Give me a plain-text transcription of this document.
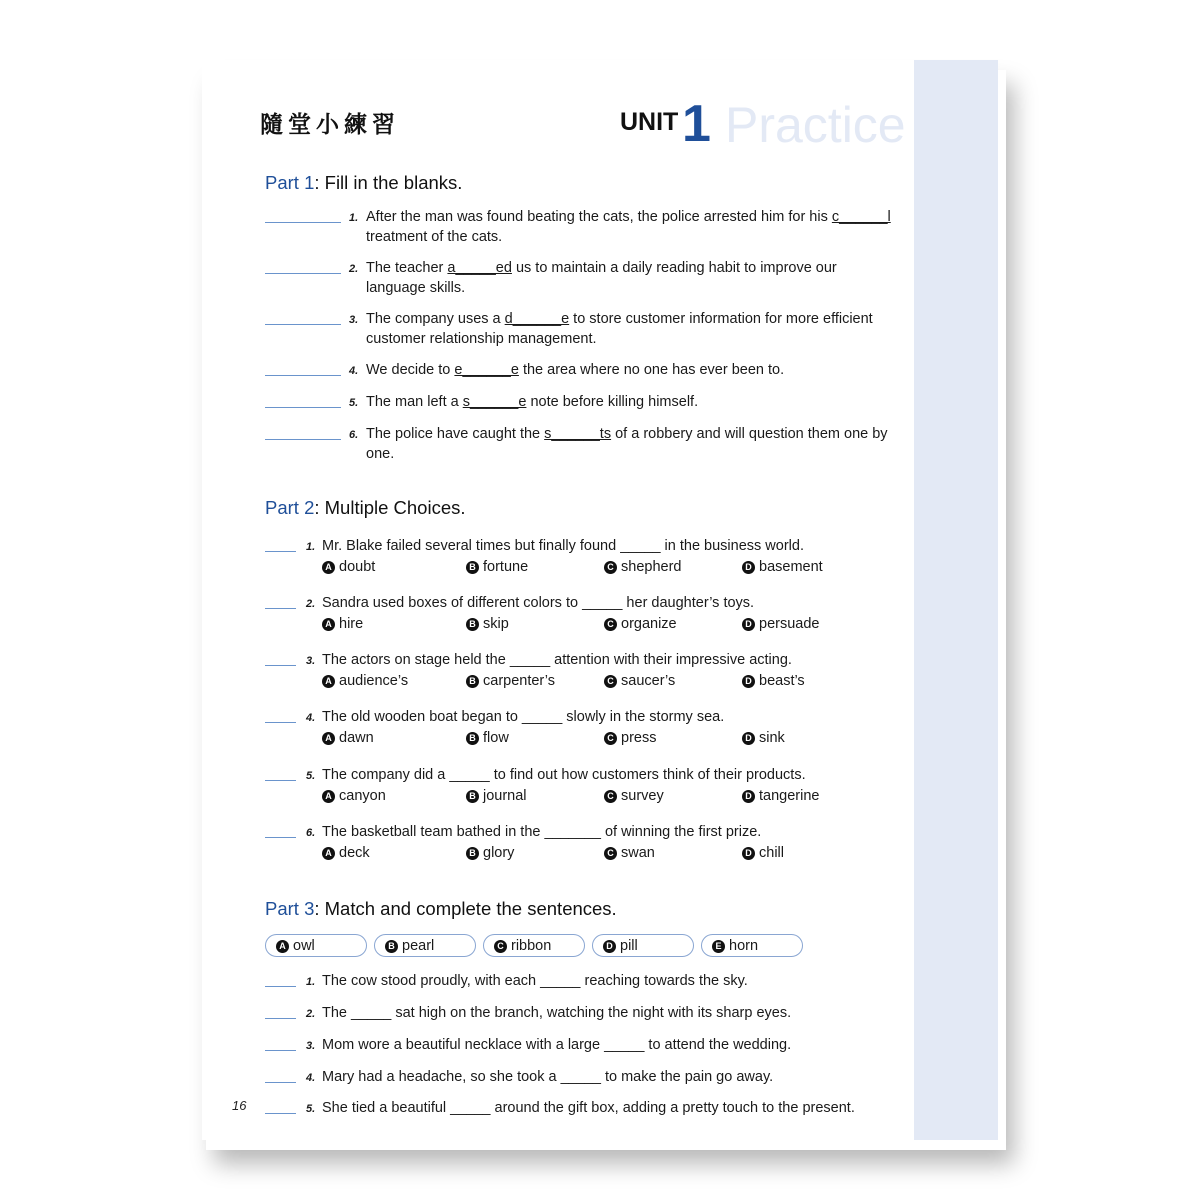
隨堂小練習	UNIT 1 Practice
Part 1: Fill in the blanks.
1. After the man was found beating the cats, the police arrested him for his c______l
treatment of the cats.
2. The teacher a_____ed us to maintain a daily reading habit to improve our
language skills.
3. The company uses a d______e to store customer information for more efficient
customer relationship management.
4. We decide to e______e the area where no one has ever been to.
5. The man left a s______e note before killing himself.
6. The police have caught the s______ts of a robbery and will question them one by
one.
Part 2: Multiple Choices.
1. Mr. Blake failed several times but finally found _____ in the business world.
A doubt	B fortune	C shepherd	D basement
2. Sandra used boxes of different colors to _____ her daughter’s toys.
A hire	B skip	C organize	D persuade
3. The actors on stage held the _____ attention with their impressive acting.
A audience’s	B carpenter’s	C saucer’s	D beast’s
4. The old wooden boat began to _____ slowly in the stormy sea.
A dawn	B flow	C press	D sink
5. The company did a _____ to find out how customers think of their products.
A canyon	B journal	C survey	D tangerine
6. The basketball team bathed in the _______ of winning the first prize.
A deck	B glory	C swan	D chill
Part 3: Match and complete the sentences.
A owl	B pearl	C ribbon	D pill	E horn
1. The cow stood proudly, with each _____ reaching towards the sky.
2. The _____ sat high on the branch, watching the night with its sharp eyes.
3. Mom wore a beautiful necklace with a large _____ to attend the wedding.
4. Mary had a headache, so she took a _____ to make the pain go away.
5. She tied a beautiful _____ around the gift box, adding a pretty touch to the present.
16
